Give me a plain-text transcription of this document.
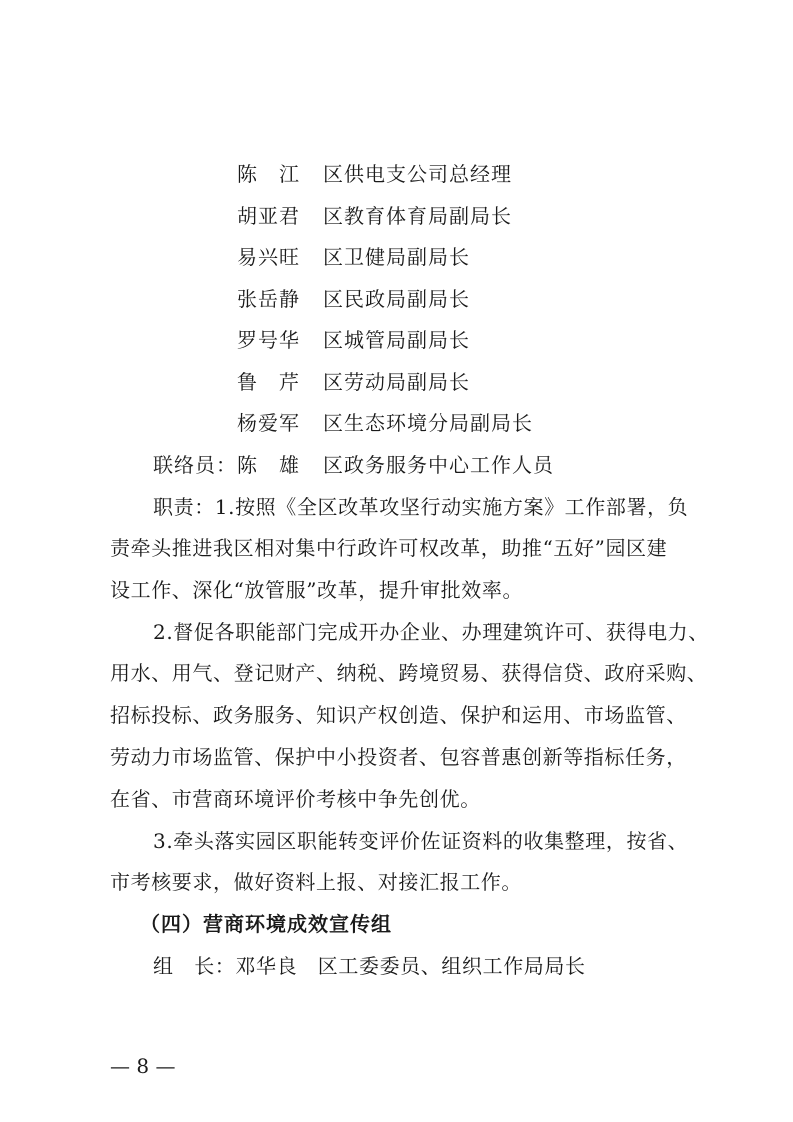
陈　江 区供电支公司总经理
胡亚君 区教育体育局副局长
易兴旺 区卫健局副局长
张岳静 区民政局副局长
罗号华 区城管局副局长
鲁　芹 区劳动局副局长
杨爱军 区生态环境分局副局长
联络员：陈　雄 区政务服务中心工作人员
职责：1.按照《全区改革攻坚行动实施方案》工作部署，负
责牵头推进我区相对集中行政许可权改革，助推“五好”园区建
设工作、深化“放管服”改革，提升审批效率。
2.督促各职能部门完成开办企业、办理建筑许可、获得电力、
用水、用气、登记财产、纳税、跨境贸易、获得信贷、政府采购、
招标投标、政务服务、知识产权创造、保护和运用、市场监管、
劳动力市场监管、保护中小投资者、包容普惠创新等指标任务，
在省、市营商环境评价考核中争先创优。
3.牵头落实园区职能转变评价佐证资料的收集整理，按省、
市考核要求，做好资料上报、对接汇报工作。
（四）营商环境成效宣传组
组　长：邓华良　区工委委员、组织工作局局长
— 8 —
